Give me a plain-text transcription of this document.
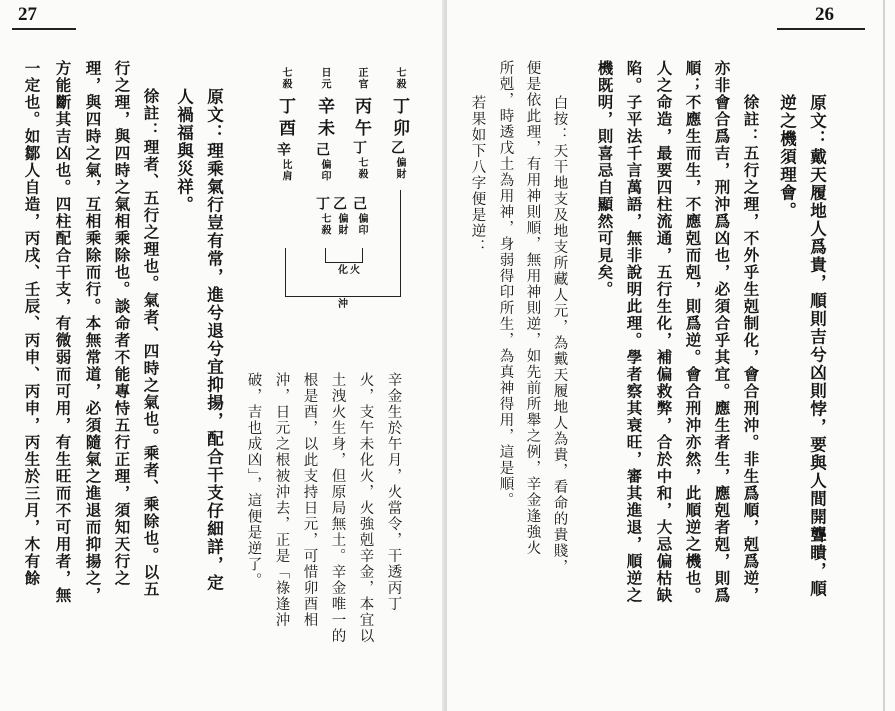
27
原文：理乘氣行豈有常，進兮退兮宜抑揚，配合干支仔細詳，定
人禍福與災祥。
徐註：理者、五行之理也。氣者、四時之氣也。乘者、乘除也。以五
行之理，與四時之氣相乘除也。談命者不能專恃五行正理，須知天行之
理，與四時之氣，互相乘除而行。本無常道，必須隨氣之進退而抑揚之，
方能斷其吉凶也。四柱配合干支，有微弱而可用，有生旺而不可用者，無
一定也。如鄒人自造，丙戌、壬辰、丙申、丙申，丙生於三月，木有餘
26
原文：戴天履地人爲貴，順則吉兮凶則悖，要與人間開聾瞶，順
逆之機須理會。
徐註：五行之理，不外乎生剋制化，會合刑沖。非生爲順，剋爲逆，
亦非會合爲吉，刑沖爲凶也，必須合乎其宜。應生者生，應剋者剋，則爲
順；不應生而生，不應剋而剋，則爲逆。會合刑沖亦然，此順逆之機也。
人之命造，最要四柱流通，五行生化，補偏救弊，合於中和，大忌偏枯缺
陷。子平法千言萬語，無非說明此理。學者察其衰旺，審其進退，順逆之
機既明，則喜忌自顯然可見矣。
白按：天干地支及地支所藏人元，為戴天履地人為貴，看命的貴賤，
便是依此理，有用神則順，無用神則逆，如先前所舉之例，辛金逢強火
所剋，時透戊土為用神，身弱得印所生，為真神得用，這是順。
若果如下八字便是逆：
辛金生於午月，火當令，干透丙丁
火，支午未化火，火強剋辛金，本宜以
土洩火生身，但原局無土。辛金唯一的
根是酉，以此支持日元，可惜卯酉相
沖，日元之根被沖去，正是「祿逢沖
破，吉也成凶」，這便是逆了。
七殺
丁
卯
乙
偏財
正官
丙
午
丁
七殺
己
偏印
日元
辛
未
己
偏印
丁
七殺
乙
偏財
七殺
丁
酉
辛
比肩
化火
沖
